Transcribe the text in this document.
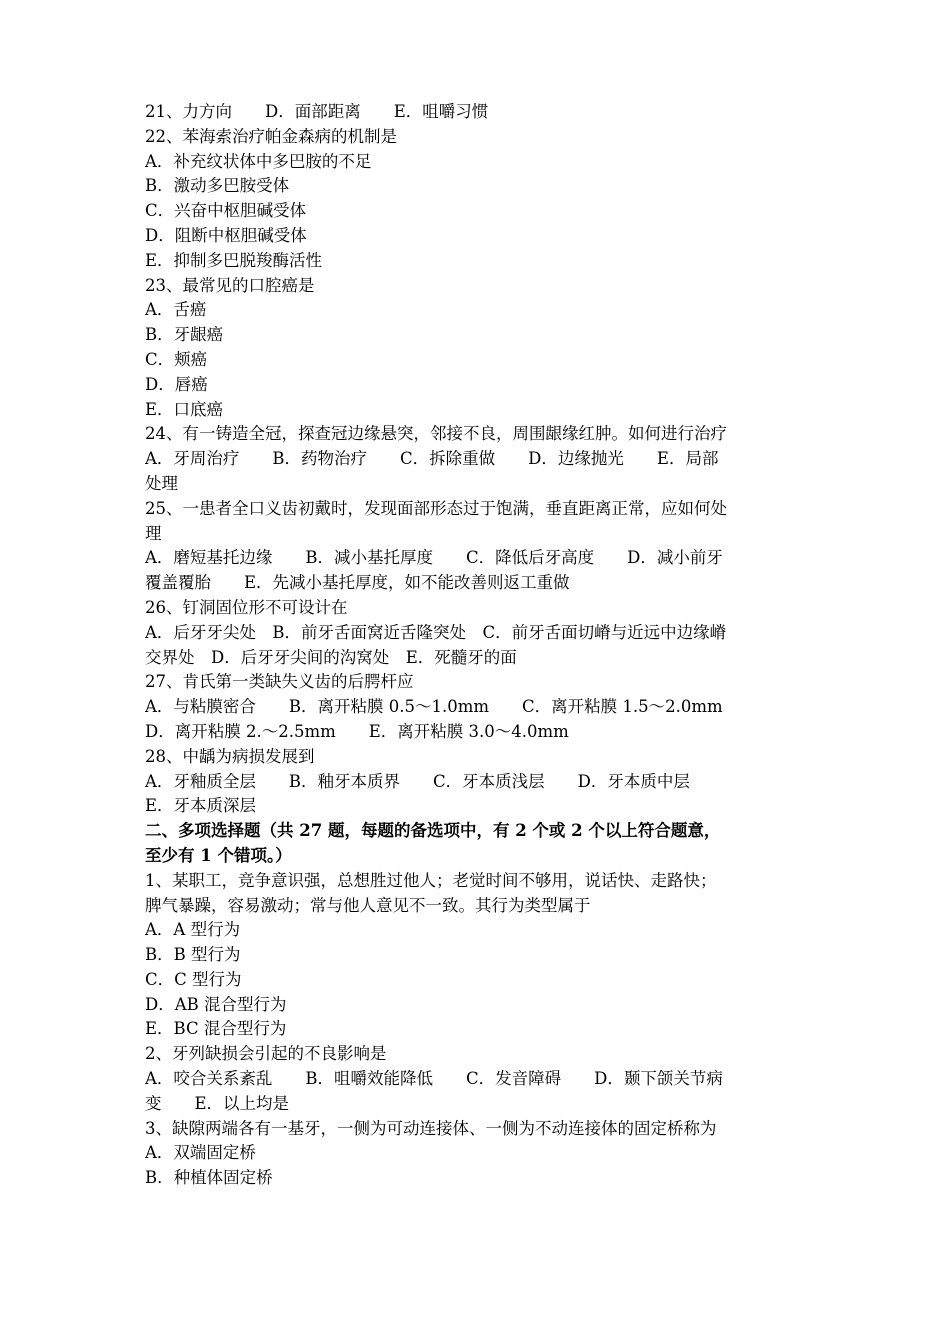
21、力方向　　D．面部距离　　E．咀嚼习惯
22、苯海索治疗帕金森病的机制是
A．补充纹状体中多巴胺的不足
B．激动多巴胺受体
C．兴奋中枢胆碱受体
D．阻断中枢胆碱受体
E．抑制多巴脱羧酶活性
23、最常见的口腔癌是
A．舌癌
B．牙龈癌
C．颊癌
D．唇癌
E．口底癌
24、有一铸造全冠，探查冠边缘悬突，邻接不良，周围龈缘红肿。如何进行治疗
A．牙周治疗　　B．药物治疗　　C．拆除重做　　D．边缘抛光　　E．局部
处理
25、一患者全口义齿初戴时，发现面部形态过于饱满，垂直距离正常，应如何处
理
A．磨短基托边缘　　B．减小基托厚度　　C．降低后牙高度　　D．减小前牙
覆盖覆胎　　E．先减小基托厚度，如不能改善则返工重做
26、钉洞固位形不可设计在
A．后牙牙尖处　B．前牙舌面窝近舌隆突处　C．前牙舌面切嵴与近远中边缘嵴
交界处　D．后牙牙尖间的沟窝处　E．死髓牙的面
27、肯氏第一类缺失义齿的后腭杆应
A．与粘膜密合　　B．离开粘膜 0.5～1.0mm　　C．离开粘膜 1.5～2.0mm
D．离开粘膜 2.～2.5mm　　E．离开粘膜 3.0～4.0mm
28、中龋为病损发展到
A．牙釉质全层　　B．釉牙本质界　　C．牙本质浅层　　D．牙本质中层
E．牙本质深层
二、多项选择题（共 27 题，每题的备选项中，有 2 个或 2 个以上符合题意，
至少有 1 个错项。）
1、某职工，竞争意识强，总想胜过他人；老觉时间不够用，说话快、走路快；
脾气暴躁，容易激动；常与他人意见不一致。其行为类型属于
A．A 型行为
B．B 型行为
C．C 型行为
D．AB 混合型行为
E．BC 混合型行为
2、牙列缺损会引起的不良影响是
A．咬合关系紊乱　　B．咀嚼效能降低　　C．发音障碍　　D．颞下颌关节病
变　　E．以上均是
3、缺隙两端各有一基牙，一侧为可动连接体、一侧为不动连接体的固定桥称为
A．双端固定桥
B．种植体固定桥
